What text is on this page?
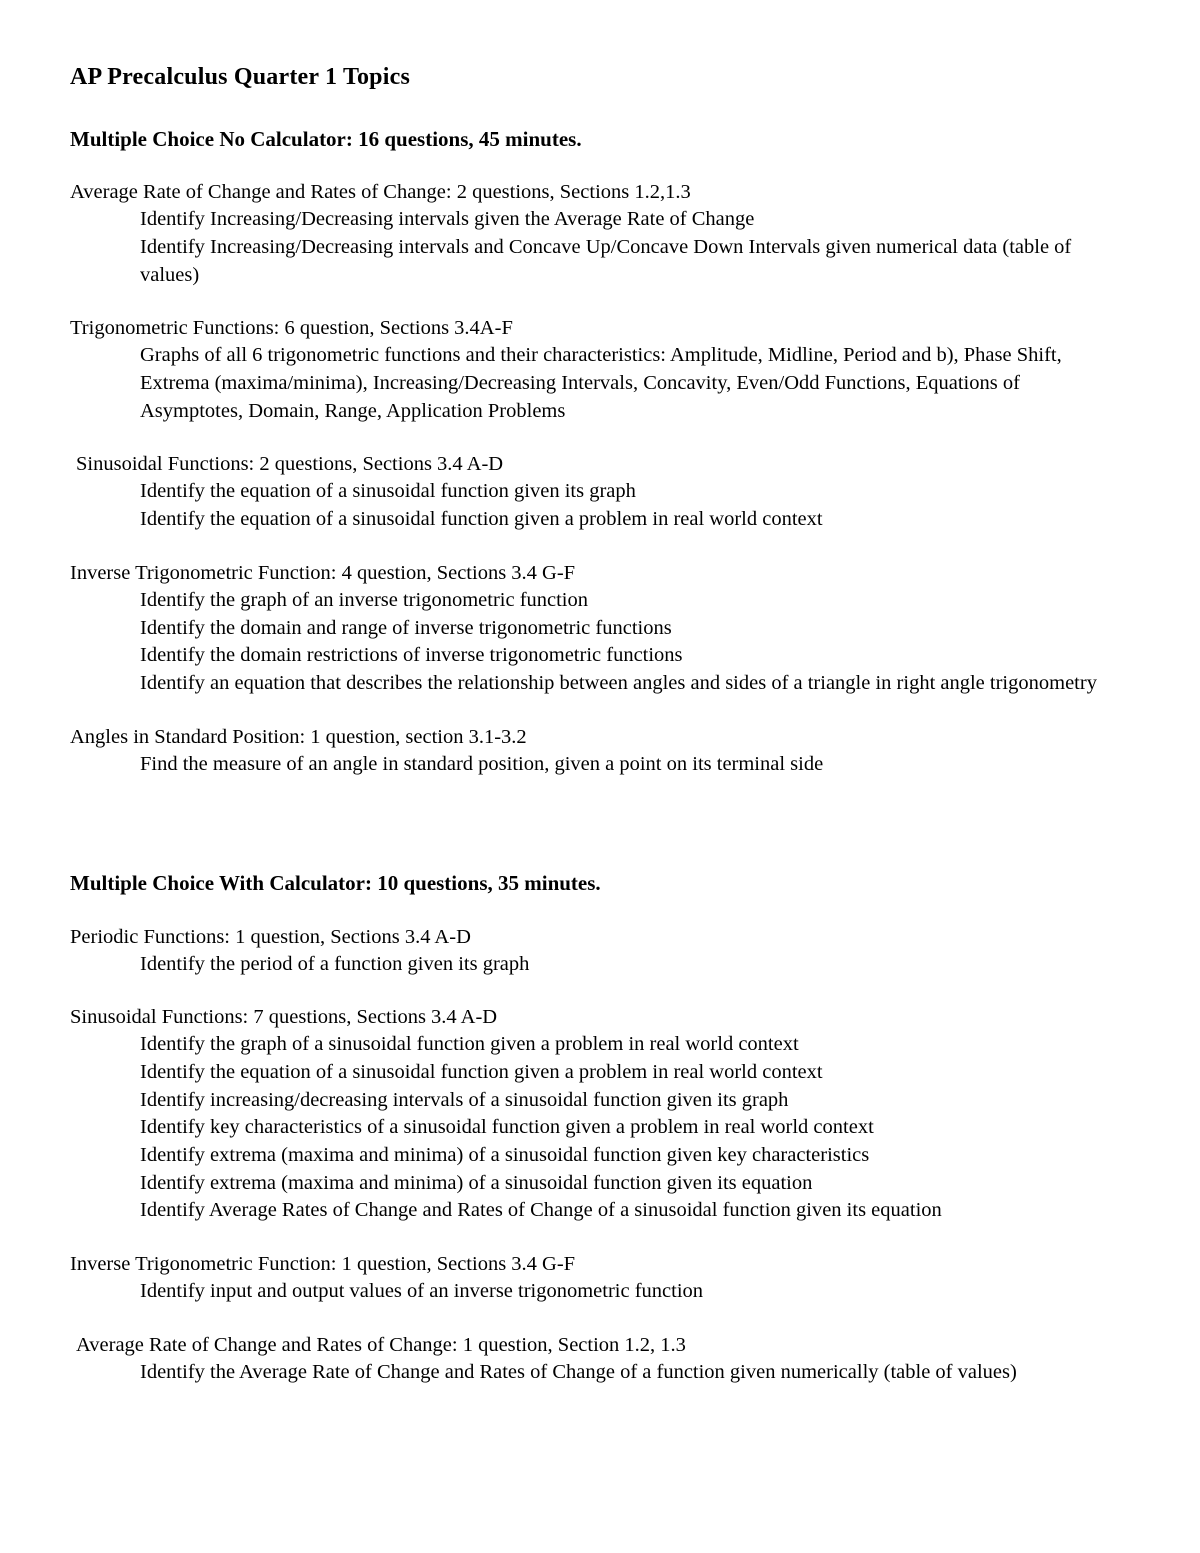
AP Precalculus Quarter 1 Topics
Multiple Choice No Calculator: 16 questions, 45 minutes.

Average Rate of Change and Rates of Change: 2 questions, Sections 1.2,1.3

Identify Increasing/Decreasing intervals given the Average Rate of Change
Identify Increasing/Decreasing intervals and Concave Up/Concave Down Intervals given numerical data (table of values)

Trigonometric Functions: 6 question, Sections 3.4A-F

Graphs of all 6 trigonometric functions and their characteristics: Amplitude, Midline, Period and b), Phase Shift, Extrema (maxima/minima), Increasing/Decreasing Intervals, Concavity, Even/Odd Functions, Equations of Asymptotes, Domain, Range, Application Problems

Sinusoidal Functions: 2 questions, Sections 3.4 A-D

Identify the equation of a sinusoidal function given its graph
Identify the equation of a sinusoidal function given a problem in real world context

Inverse Trigonometric Function: 4 question, Sections 3.4 G-F

Identify the graph of an inverse trigonometric function
Identify the domain and range of inverse trigonometric functions
Identify the domain restrictions of inverse trigonometric functions
Identify an equation that describes the relationship between angles and sides of a triangle in right angle trigonometry

Angles in Standard Position: 1 question, section 3.1-3.2

Find the measure of an angle in standard position, given a point on its terminal side
Multiple Choice With Calculator: 10 questions, 35 minutes.

Periodic Functions: 1 question, Sections 3.4 A-D

Identify the period of a function given its graph

Sinusoidal Functions: 7 questions, Sections 3.4 A-D

Identify the graph of a sinusoidal function given a problem in real world context
Identify the equation of a sinusoidal function given a problem in real world context
Identify increasing/decreasing intervals of a sinusoidal function given its graph
Identify key characteristics of a sinusoidal function given a problem in real world context
Identify extrema (maxima and minima) of a sinusoidal function given key characteristics
Identify extrema (maxima and minima) of a sinusoidal function given its equation
Identify Average Rates of Change and Rates of Change of a sinusoidal function given its equation

Inverse Trigonometric Function: 1 question, Sections 3.4 G-F

Identify input and output values of an inverse trigonometric function

Average Rate of Change and Rates of Change: 1 question, Section 1.2, 1.3

Identify the Average Rate of Change and Rates of Change of a function given numerically (table of values)
